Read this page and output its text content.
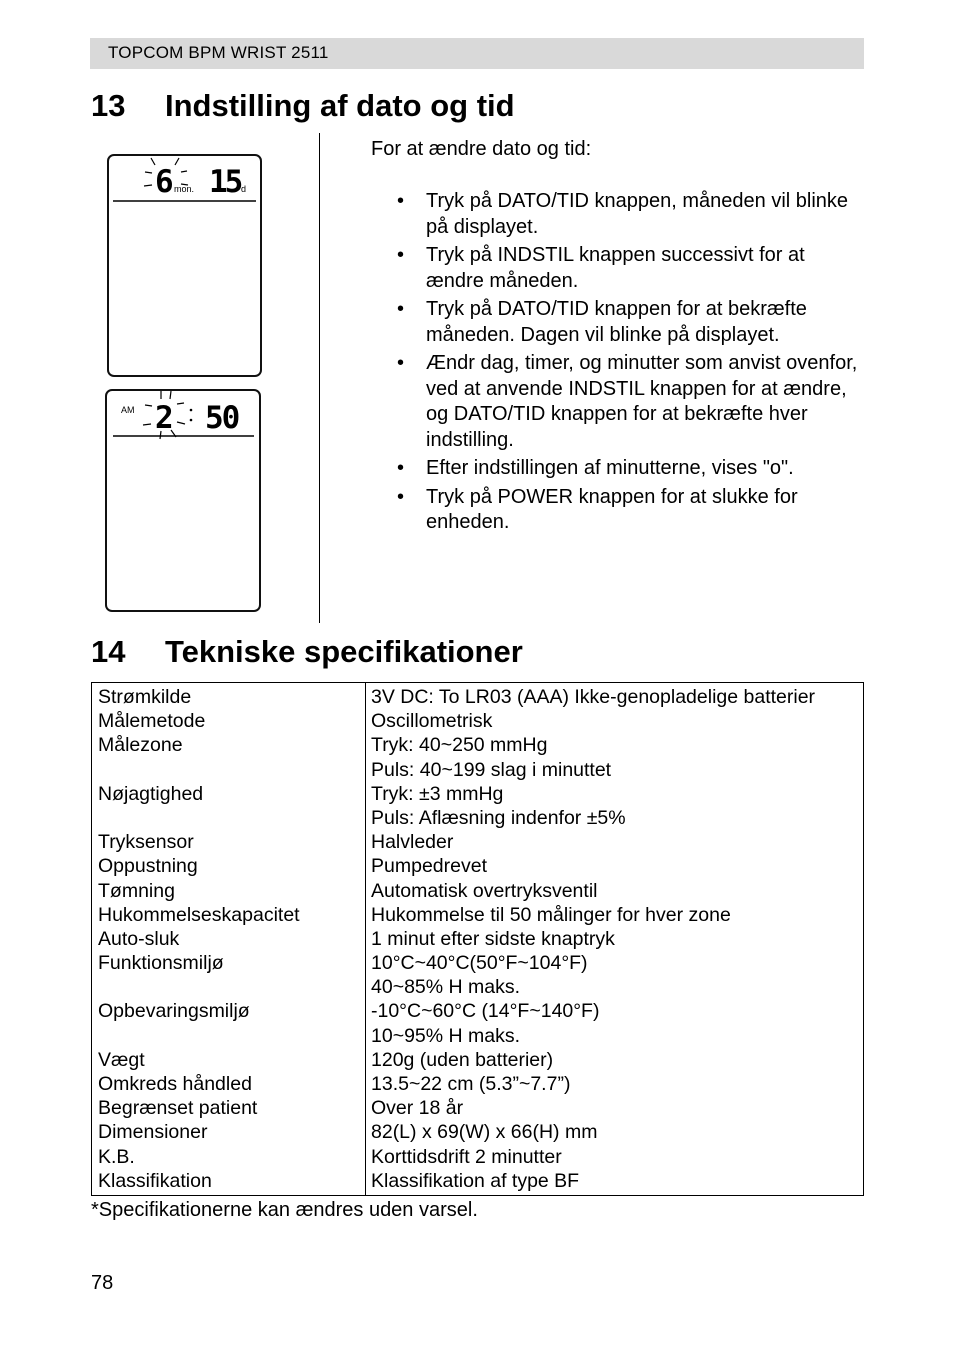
TOPCOM BPM WRIST 2511
13	Indstilling af dato og tid
6 mon. 15 d
AM 2 50
For at ændre dato og tid:
• Tryk på DATO/TID knappen, måneden vil blinke på displayet.
• Tryk på INDSTIL knappen successivt for at ændre måneden.
• Tryk på DATO/TID knappen for at bekræfte måneden. Dagen vil blinke på displayet.
• Ændr dag, timer, og minutter som anvist ovenfor, ved at anvende INDSTIL knappen for at ændre, og DATO/TID knappen for at bekræfte hver indstilling.
• Efter indstillingen af minutterne, vises "o".
• Tryk på POWER knappen for at slukke for enheden.
14	Tekniske specifikationer
Strømkilde
Målemetode
Målezone
Nøjagtighed
Tryksensor
Oppustning
Tømning
Hukommelseskapacitet
Auto-sluk
Funktionsmiljø
Opbevaringsmiljø
Vægt
Omkreds håndled
Begrænset patient
Dimensioner
K.B.
Klassifikation
3V DC: To LR03 (AAA) Ikke-genopladelige batterier
Oscillometrisk
Tryk: 40~250 mmHg
Puls: 40~199 slag i minuttet
Tryk: ±3 mmHg
Puls: Aflæsning indenfor ±5%
Halvleder
Pumpedrevet
Automatisk overtryksventil
Hukommelse til 50 målinger for hver zone
1 minut efter sidste knaptryk
10°C~40°C(50°F~104°F)
40~85% H maks.
-10°C~60°C (14°F~140°F)
10~95% H maks.
120g (uden batterier)
13.5~22 cm (5.3”~7.7”)
Over 18 år
82(L) x 69(W) x 66(H) mm
Korttidsdrift 2 minutter
Klassifikation af type BF
*Specifikationerne kan ændres uden varsel.
78
